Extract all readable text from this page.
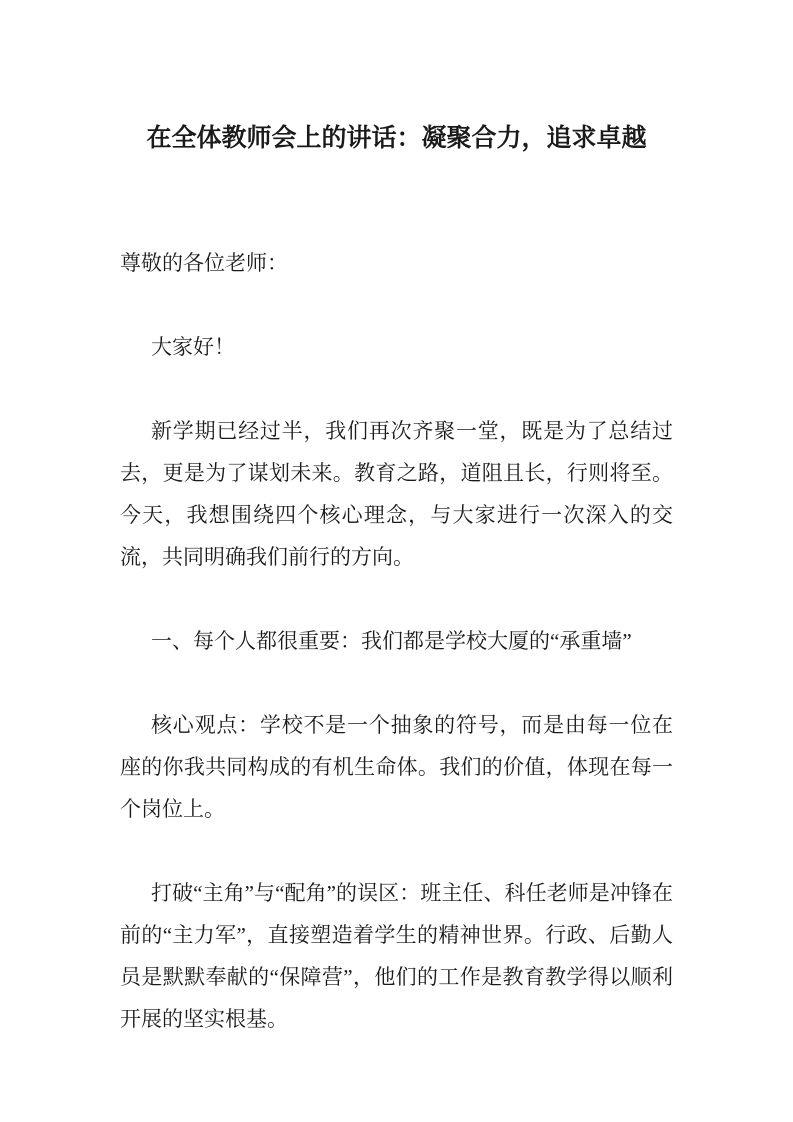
在全体教师会上的讲话：凝聚合力，追求卓越

尊敬的各位老师：

大家好！

新学期已经过半，我们再次齐聚一堂，既是为了总结过去，更是为了谋划未来。教育之路，道阻且长，行则将至。今天，我想围绕四个核心理念，与大家进行一次深入的交流，共同明确我们前行的方向。

一、每个人都很重要：我们都是学校大厦的“承重墙”

核心观点：学校不是一个抽象的符号，而是由每一位在座的你我共同构成的有机生命体。我们的价值，体现在每一个岗位上。

打破“主角”与“配角”的误区：班主任、科任老师是冲锋在前的“主力军”，直接塑造着学生的精神世界。行政、后勤人员是默默奉献的“保障营”，他们的工作是教育教学得以顺利开展的坚实根基。
